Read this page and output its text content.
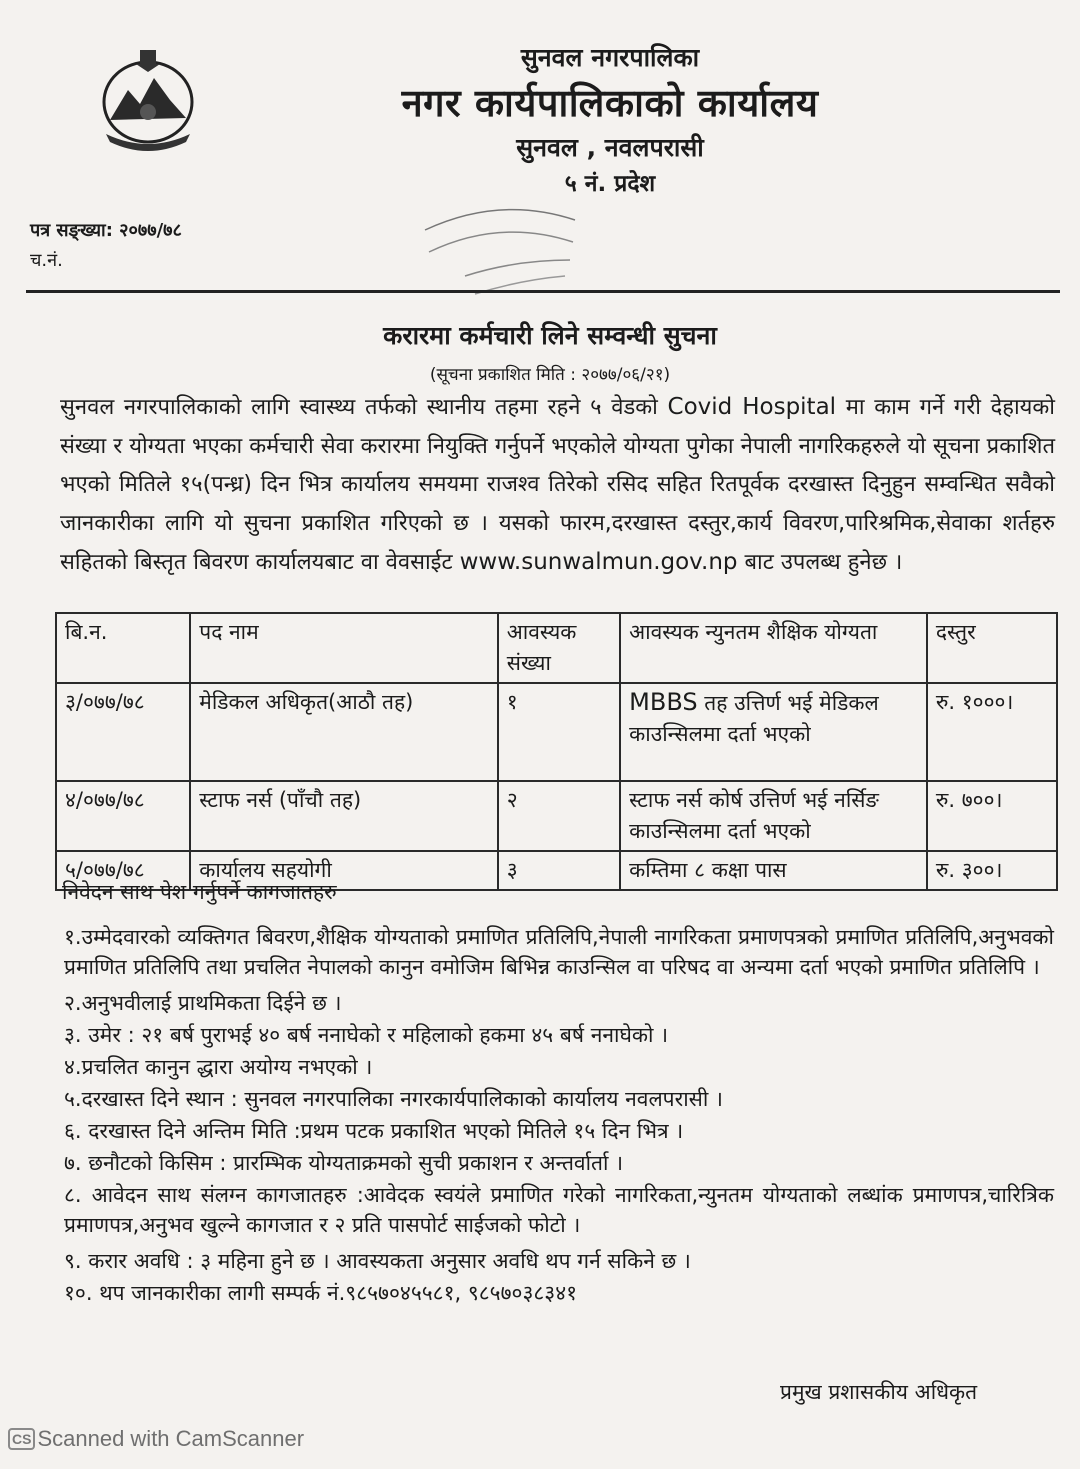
सुनवल नगरपालिका
नगर कार्यपालिकाको कार्यालय
सुनवल , नवलपरासी
५ नं. प्रदेश
पत्र सङ्ख्या: २०७७/७८
च.नं.
करारमा कर्मचारी लिने सम्वन्धी सुचना
(सूचना प्रकाशित मिति : २०७७/०६/२१)
सुनवल नगरपालिकाको लागि स्वास्थ्य तर्फको स्थानीय तहमा रहने ५ वेडको Covid Hospital मा काम गर्ने गरी देहायको संख्या र योग्यता भएका कर्मचारी सेवा करारमा नियुक्ति गर्नुपर्ने भएकोले योग्यता पुगेका नेपाली नागरिकहरुले यो सूचना प्रकाशित भएको मितिले १५(पन्ध्र) दिन भित्र कार्यालय समयमा राजश्व तिरेको रसिद सहित रितपूर्वक दरखास्त दिनुहुन सम्वन्धित सवैको जानकारीका लागि यो सुचना प्रकाशित गरिएको छ । यसको फारम,दरखास्त दस्तुर,कार्य विवरण,पारिश्रमिक,सेवाका शर्तहरु सहितको बिस्तृत बिवरण कार्यालयबाट वा वेवसाईट www.sunwalmun.gov.np बाट उपलब्ध हुनेछ ।
बि.न.	पद नाम	आवस्यक संख्या	आवस्यक न्युनतम शैक्षिक योग्यता	दस्तुर
३/०७७/७८	मेडिकल अधिकृत(आठौ तह)	१	MBBS तह उत्तिर्ण भई मेडिकल काउन्सिलमा दर्ता भएको	रु. १०००।
४/०७७/७८	स्टाफ नर्स (पाँचौ तह)	२	स्टाफ नर्स कोर्ष उत्तिर्ण भई नर्सिङ काउन्सिलमा दर्ता भएको	रु. ७००।
५/०७७/७८	कार्यालय सहयोगी	३	कम्तिमा ८ कक्षा पास	रु. ३००।
निवेदन साथ पेश गर्नुपर्ने कागजातहरु
१.उम्मेदवारको व्यक्तिगत बिवरण,शैक्षिक योग्यताको प्रमाणित प्रतिलिपि,नेपाली नागरिकता प्रमाणपत्रको प्रमाणित प्रतिलिपि,अनुभवको प्रमाणित प्रतिलिपि तथा प्रचलित नेपालको कानुन वमोजिम बिभिन्न काउन्सिल वा परिषद वा अन्यमा दर्ता भएको प्रमाणित प्रतिलिपि ।
२.अनुभवीलाई प्राथमिकता दिईने छ ।
३. उमेर : २१ बर्ष पुराभई ४० बर्ष ननाघेको र महिलाको हकमा ४५ बर्ष ननाघेको ।
४.प्रचलित कानुन द्धारा अयोग्य नभएको ।
५.दरखास्त दिने स्थान : सुनवल नगरपालिका नगरकार्यपालिकाको कार्यालय नवलपरासी ।
६. दरखास्त दिने अन्तिम मिति :प्रथम पटक प्रकाशित भएको मितिले १५ दिन भित्र ।
७. छनौटको किसिम : प्रारम्भिक योग्यताक्रमको सुची प्रकाशन र अन्तर्वार्ता ।
८. आवेदन साथ संलग्न कागजातहरु :आवेदक स्वयंले प्रमाणित गरेको नागरिकता,न्युनतम योग्यताको लब्धांक प्रमाणपत्र,चारित्रिक प्रमाणपत्र,अनुभव खुल्ने कागजात र २ प्रति पासपोर्ट साईजको फोटो ।
९. करार अवधि : ३ महिना हुने छ । आवस्यकता अनुसार अवधि थप गर्न सकिने छ ।
१०. थप जानकारीका लागी सम्पर्क नं.९८५७०४५५८१, ९८५७०३८३४१
प्रमुख प्रशासकीय अधिकृत
CS Scanned with CamScanner
